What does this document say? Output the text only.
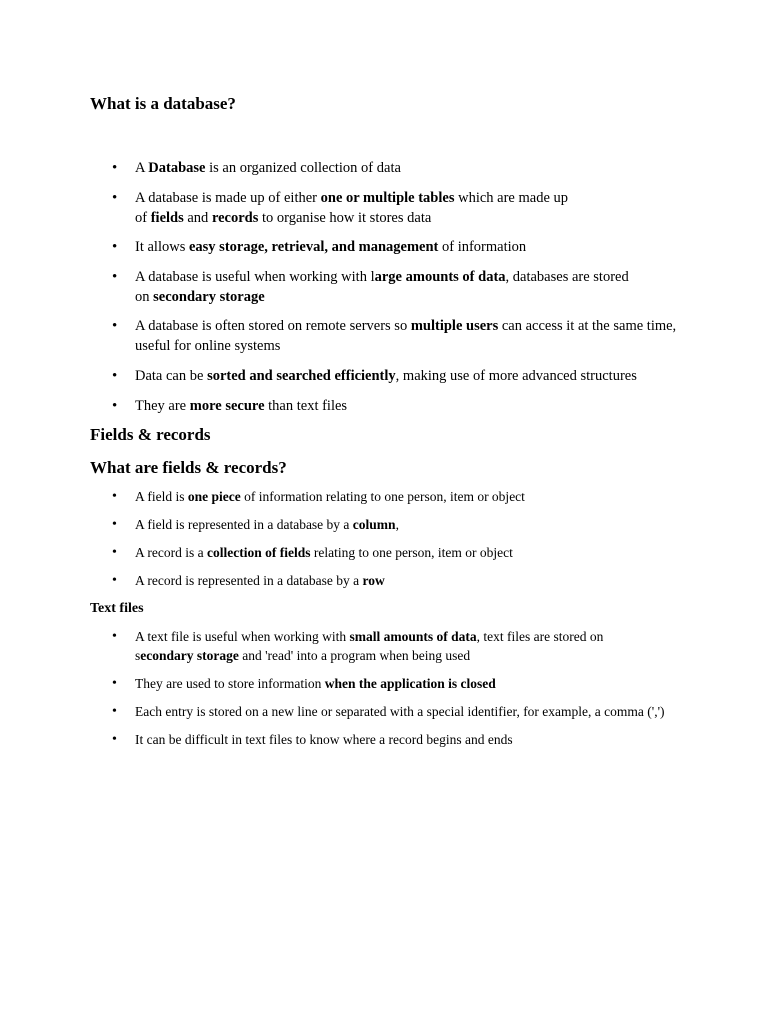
What is a database?
• A Database is an organized collection of data
• A database is made up of either one or multiple tables which are made up
of fields and records to organise how it stores data
• It allows easy storage, retrieval, and management of information
• A database is useful when working with large amounts of data, databases are stored
on secondary storage
• A database is often stored on remote servers so multiple users can access it at the same time, useful for online systems
• Data can be sorted and searched efficiently, making use of more advanced structures
• They are more secure than text files
Fields & records
What are fields & records?
• A field is one piece of information relating to one person, item or object
• A field is represented in a database by a column,
• A record is a collection of fields relating to one person, item or object
• A record is represented in a database by a row
Text files
• A text file is useful when working with small amounts of data, text files are stored on
secondary storage and 'read' into a program when being used
• They are used to store information when the application is closed
• Each entry is stored on a new line or separated with a special identifier, for example, a comma (',')
• It can be difficult in text files to know where a record begins and ends
